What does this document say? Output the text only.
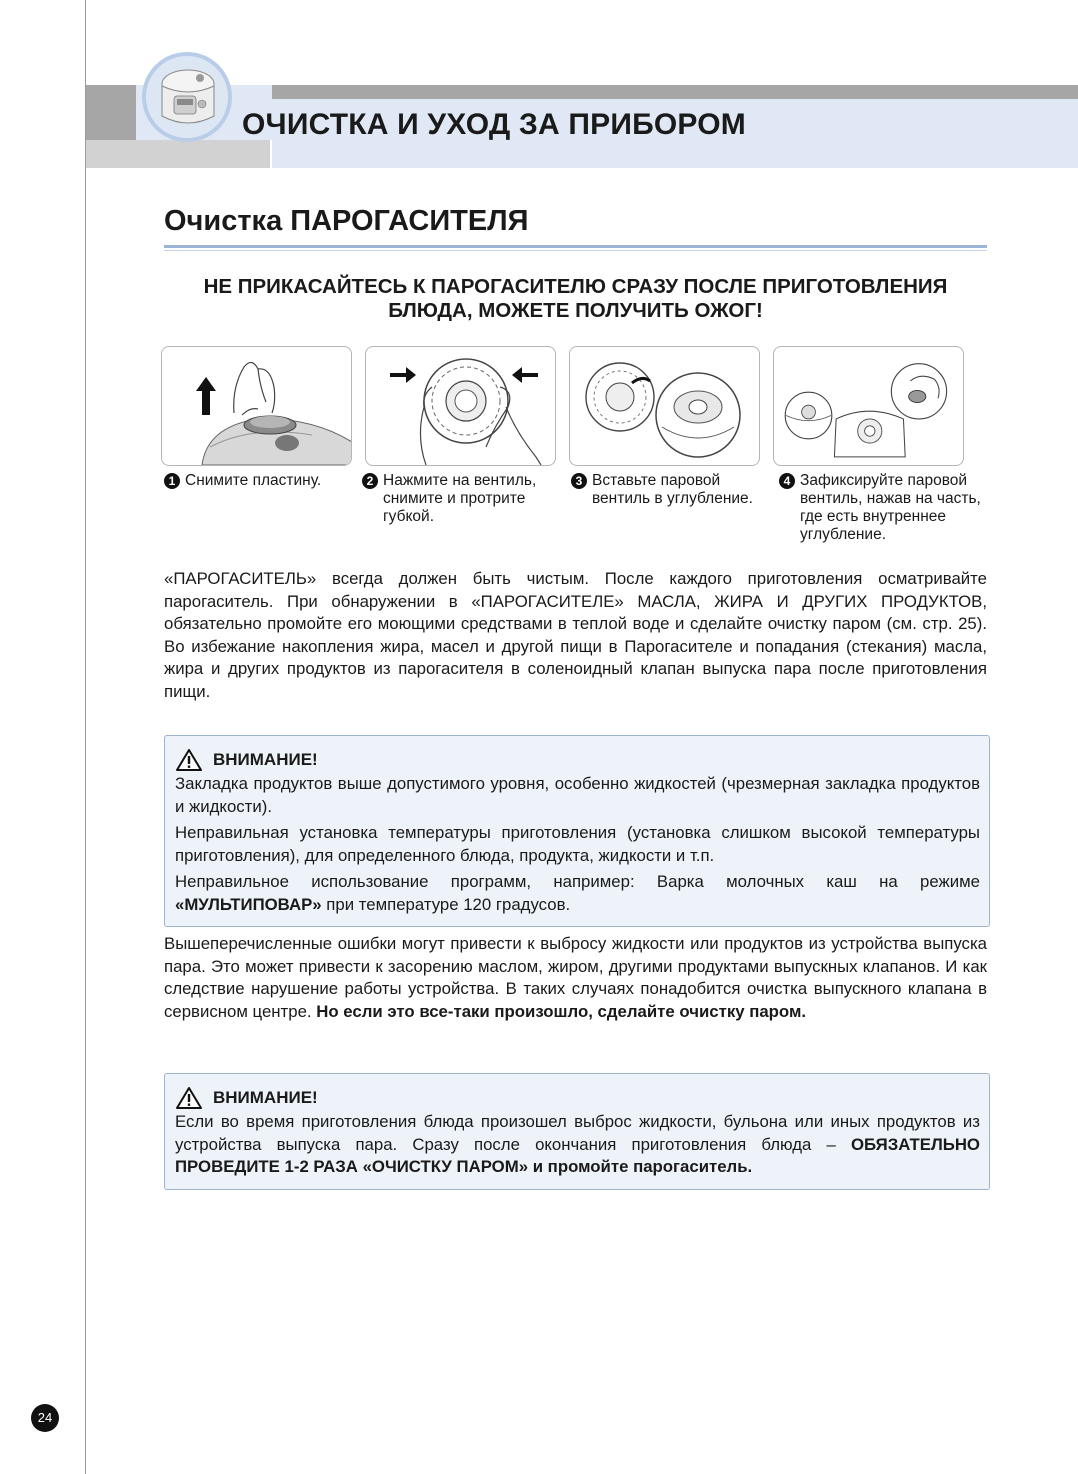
ОЧИСТКА И УХОД ЗА ПРИБОРОМ
Очистка ПАРОГАСИТЕЛЯ
НЕ ПРИКАСАЙТЕСЬ К ПАРОГАСИТЕЛЮ СРАЗУ ПОСЛЕ ПРИГОТОВЛЕНИЯ
БЛЮДА, МОЖЕТЕ ПОЛУЧИТЬ ОЖОГ!
1 Снимите пластину.	2 Нажмите на вентиль,
снимите и протрите
губкой.
3 Вставьте паровой
вентиль в углубление.
4 Зафиксируйте паровой
вентиль, нажав на часть,
где есть внутреннее
углубление.
«ПАРОГАСИТЕЛЬ» всегда должен быть чистым. После каждого приготовления осматривайте парогаситель. При обнаружении в «ПАРОГАСИТЕЛЕ» МАСЛА, ЖИРА И ДРУГИХ ПРОДУКТОВ, обязательно промойте его моющими средствами в теплой воде и сделайте очистку паром (см. стр. 25). Во избежание накопления жира, масел и другой пищи в Парогасителе и попадания (стекания) масла, жира и других продуктов из парогасителя в соленоидный клапан выпуска пара после приготовления пищи.
ВНИМАНИЕ!

Закладка продуктов выше допустимого уровня, особенно жидкостей (чрезмерная закладка продуктов и жидкости).

Неправильная установка температуры приготовления (установка слишком высокой температуры приготовления), для определенного блюда, продукта, жидкости и т.п.

Неправильное использование программ, например: Варка молочных каш на режиме «МУЛЬТИПОВАР» при температуре 120 градусов.

Вышеперечисленные ошибки могут привести к выбросу жидкости или продуктов из устройства выпуска пара. Это может привести к засорению маслом, жиром, другими продуктами выпускных клапанов. И как следствие нарушение работы устройства. В таких случаях понадобится очистка выпускного клапана в сервисном центре. Но если это все-таки произошло, сделайте очистку паром.
ВНИМАНИЕ!

Если во время приготовления блюда произошел выброс жидкости, бульона или иных продуктов из устройства выпуска пара. Сразу после окончания приготовления блюда – ОБЯЗАТЕЛЬНО ПРОВЕДИТЕ 1-2 РАЗА «ОЧИСТКУ ПАРОМ» и промойте парогаситель.

24
